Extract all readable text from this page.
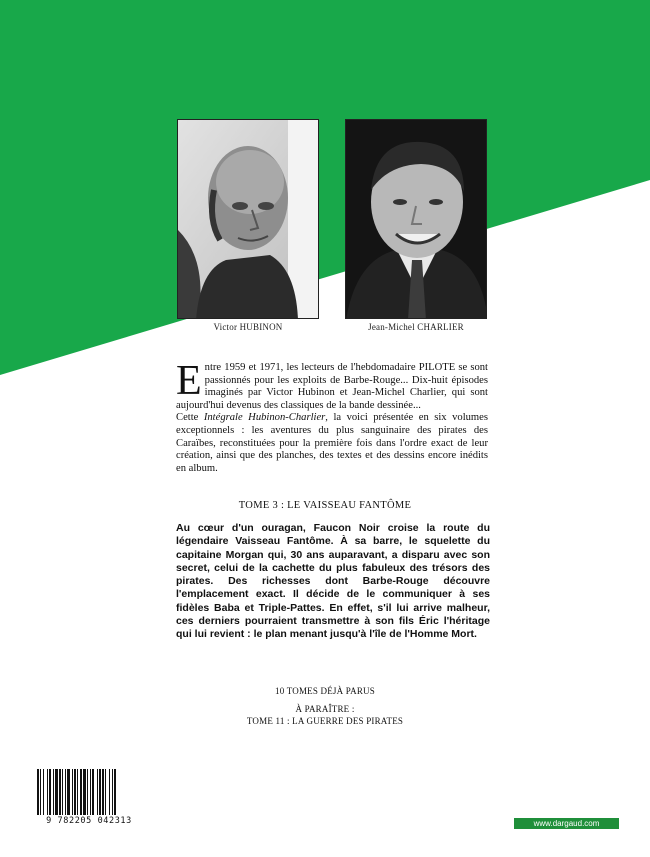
Victor HUBINON	Jean-Michel CHARLIER
E ntre 1959 et 1971, les lecteurs de l'hebdomadaire PILOTE se sont passionnés pour les exploits de Barbe-Rouge... Dix-huit épisodes imaginés par Victor Hubinon et Jean-Michel Charlier, qui sont aujourd'hui devenus des classiques de la bande dessinée...

Cette Intégrale Hubinon-Charlier, la voici présentée en six volumes exceptionnels : les aventures du plus sanguinaire des pirates des Caraïbes, reconstituées pour la première fois dans l'ordre exact de leur création, ainsi que des planches, des textes et des dessins encore inédits en album.

TOME 3 : LE VAISSEAU FANTÔME
Au cœur d'un ouragan, Faucon Noir croise la route du légendaire Vaisseau Fantôme. À sa barre, le squelette du capitaine Morgan qui, 30 ans auparavant, a disparu avec son secret, celui de la cachette du plus fabuleux des trésors des pirates. Des richesses dont Barbe-Rouge découvre l'emplacement exact. Il décide de le communiquer à ses fidèles Baba et Triple-Pattes. En effet, s'il lui arrive malheur, ces derniers pourraient transmettre à son fils Éric l'héritage qui lui revient : le plan menant jusqu'à l'île de l'Homme Mort.
10 TOMES DÉJÀ PARUS
À PARAÎTRE :
TOME 11 : LA GUERRE DES PIRATES
9 782205 042313	www.dargaud.com
